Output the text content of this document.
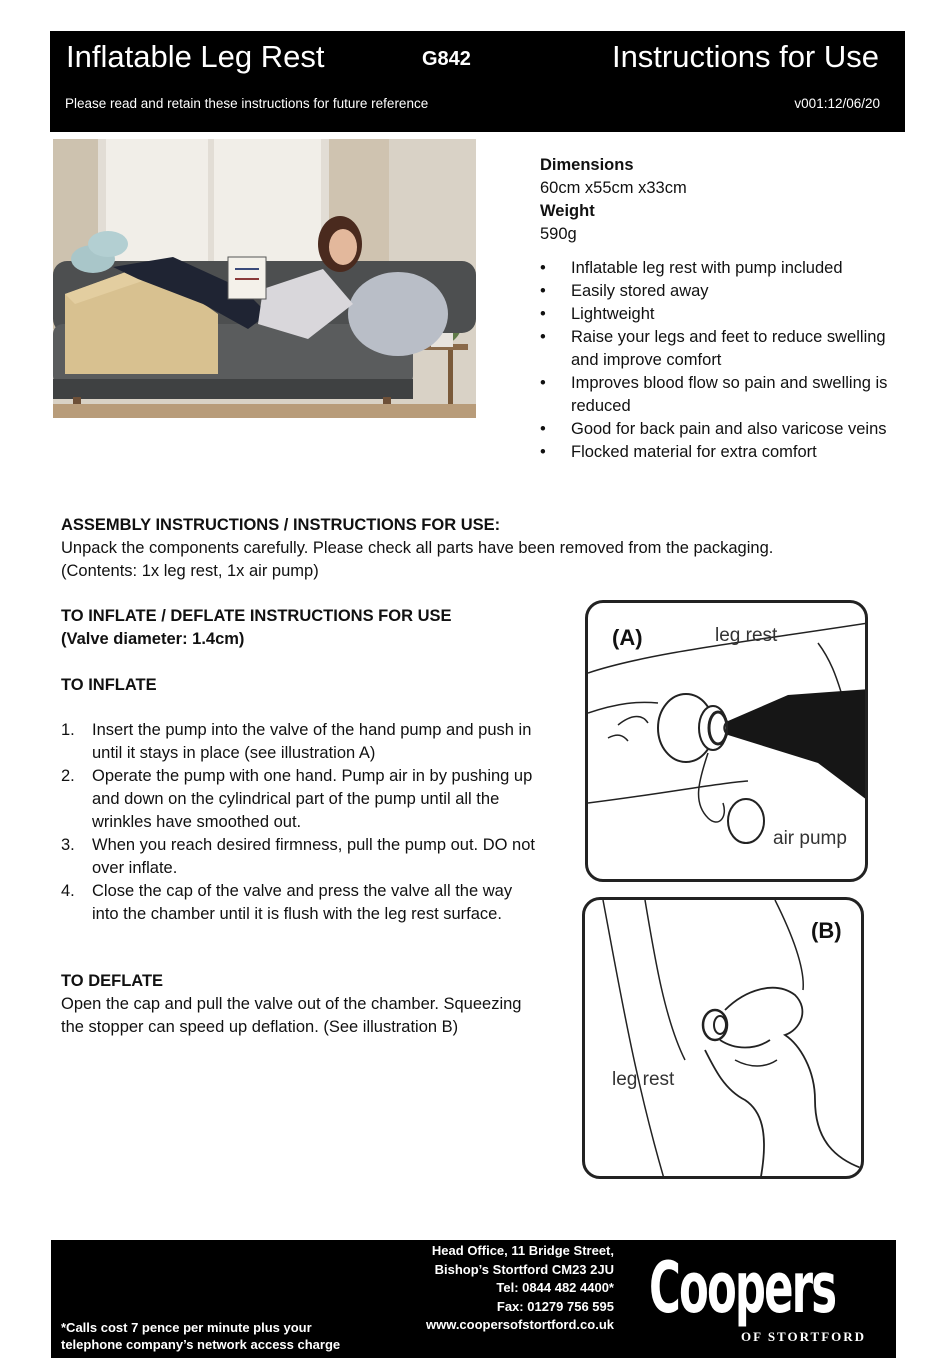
Inflatable Leg Rest	G842	Instructions for Use
Please read and retain these instructions for future reference	v001:12/06/20
Dimensions
60cm x55cm x33cm
Weight
590g
• Inflatable leg rest with pump included
• Easily stored away
• Lightweight
• Raise your legs and feet to reduce swelling and improve comfort
• Improves blood flow so pain and swelling is reduced
• Good for back pain and also varicose veins
• Flocked material for extra comfort
ASSEMBLY INSTRUCTIONS / INSTRUCTIONS FOR USE:
Unpack the components carefully. Please check all parts have been removed from the packaging.
(Contents: 1x leg rest, 1x air pump)
TO INFLATE / DEFLATE INSTRUCTIONS FOR USE
(Valve diameter: 1.4cm)
TO INFLATE
1. Insert the pump into the valve of the hand pump and push in until it stays in place (see illustration A)
2. Operate the pump with one hand. Pump air in by pushing up and down on the cylindrical part of the pump until all the wrinkles have smoothed out.
3. When you reach desired firmness, pull the pump out. DO not over inflate.
4. Close the cap of the valve and press the valve all the way into the chamber until it is flush with the leg rest surface.
TO DEFLATE
Open the cap and pull the valve out of the chamber. Squeezing
the stopper can speed up deflation. (See illustration B)
(A)	leg rest
air pump
(B)
leg rest
*Calls cost 7 pence per minute plus your
telephone company’s network access charge
Head Office, 11 Bridge Street,
Bishop’s Stortford CM23 2JU
Tel: 0844 482 4400*
Fax: 01279 756 595
www.coopersofstortford.co.uk Coopers
OF STORTFORD
